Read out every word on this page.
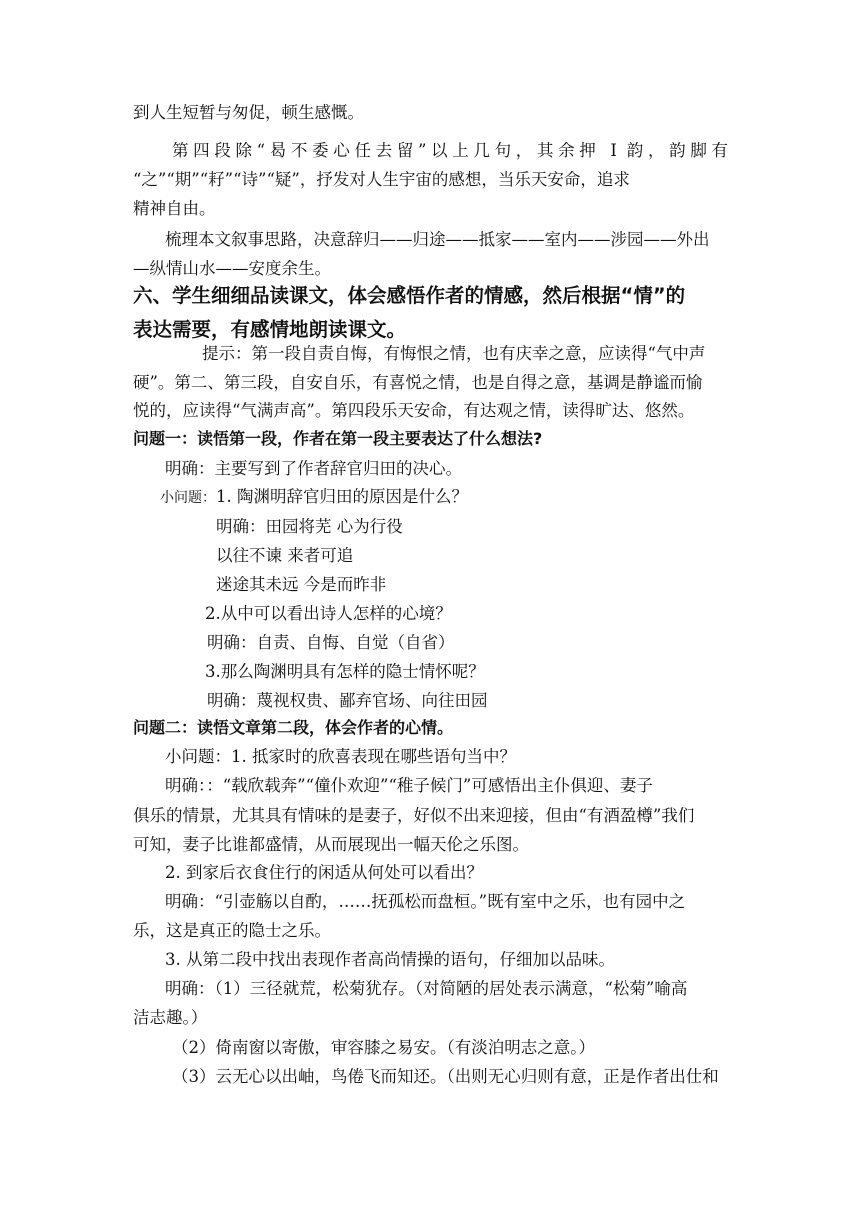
到人生短暂与匆促，顿生感慨。
第四段除“曷不委心任去留”以上几句，其余押 I 韵，韵脚有
“之”“期”“耔”“诗”“疑”，抒发对人生宇宙的感想，当乐天安命，追求
精神自由。
梳理本文叙事思路，决意辞归——归途——抵家——室内——涉园——外出
—纵情山水——安度余生。
六、学生细细品读课文，体会感悟作者的情感，然后根据“情”的
表达需要，有感情地朗读课文。
提示：第一段自责自悔，有悔恨之情，也有庆幸之意，应读得“气中声
硬”。第二、第三段，自安自乐，有喜悦之情，也是自得之意，基调是静谧而愉
悦的，应读得“气满声高”。第四段乐天安命，有达观之情，读得旷达、悠然。
问题一：读悟第一段，作者在第一段主要表达了什么想法?
明确：主要写到了作者辞官归田的决心。
小问题：1. 陶渊明辞官归田的原因是什么？
明确：田园将芜 心为行役
以往不谏 来者可追
迷途其未远 今是而昨非
2.从中可以看出诗人怎样的心境？
明确：自责、自悔、自觉（自省）
3.那么陶渊明具有怎样的隐士情怀呢？
明确：蔑视权贵、鄙弃官场、向往田园
问题二：读悟文章第二段，体会作者的心情。
小问题：1. 抵家时的欣喜表现在哪些语句当中？
明确：：“载欣载奔”“僮仆欢迎”“稚子候门”可感悟出主仆俱迎、妻子
俱乐的情景，尤其具有情味的是妻子，好似不出来迎接，但由“有酒盈樽”我们
可知，妻子比谁都盛情，从而展现出一幅天伦之乐图。
2. 到家后衣食住行的闲适从何处可以看出？
明确：“引壶觞以自酌，……抚孤松而盘桓。”既有室中之乐，也有园中之
乐，这是真正的隐士之乐。
3. 从第二段中找出表现作者高尚情操的语句，仔细加以品味。
明确：（1）三径就荒，松菊犹存。（对简陋的居处表示满意，“松菊”喻高
洁志趣。）
（2）倚南窗以寄傲，审容膝之易安。（有淡泊明志之意。）
（3）云无心以出岫，鸟倦飞而知还。（出则无心归则有意，正是作者出仕和
